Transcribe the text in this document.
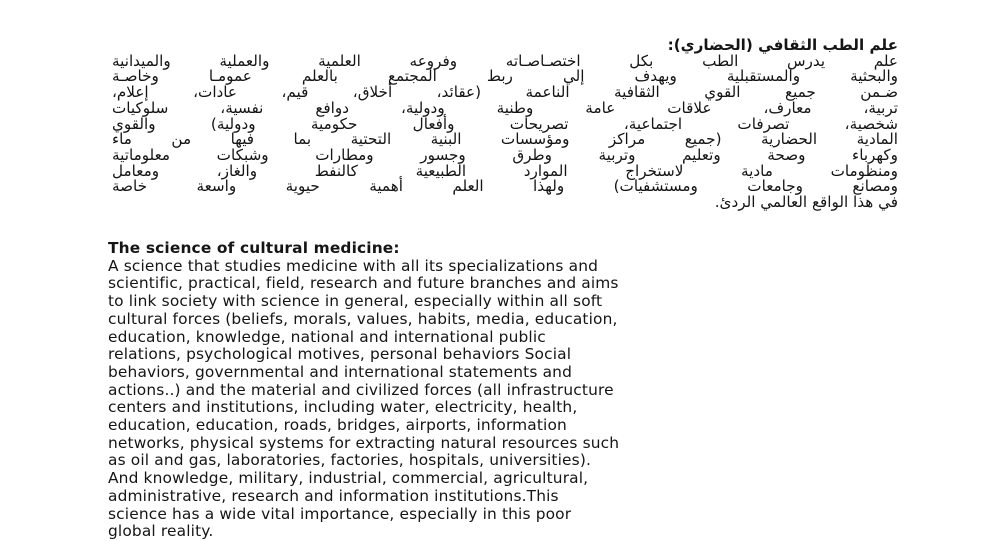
علم الطب الثقافي (الحضاري):
علم يدرس الطب بكل اختصـاصـاته وفروعه العلمية والعملية والميدانية
والبحثية والمستقبلية ويهدف إلي ربط المجتمع بالعلم عمومـا وخاصـة
ضـمن جميع القوي الثقافية الناعمة (عقائد، أخلاق، قيم، عادات، إعلام،
تربية، معارف، علاقات عامة وطنية ودولية، دوافع نفسية، سلوكيات
شخصية، تصرفات اجتماعية، تصريحات وأفعال حكومية ودولية) والقوي
المادية الحضارية (جميع مراكز ومؤسسات البنية التحتية بما فيها من ماء
وكهرباء وصحة وتعليم وتربية وطرق وجسور ومطارات وشبكات معلوماتية
ومنظومات مادية لاستخراج الموارد الطبيعية كالنفط والغاز، ومعامل
ومصانع وجامعات ومستشفيات) ولهذا العلم أهمية حيوية واسعة خاصة
في هذا الواقع العالمي الردئ.
The science of cultural medicine:
A science that studies medicine with all its specializations and
scientific, practical, field, research and future branches and aims
to link society with science in general, especially within all soft
cultural forces (beliefs, morals, values, habits, media, education,
education, knowledge, national and international public
relations, psychological motives, personal behaviors Social
behaviors, governmental and international statements and
actions..) and the material and civilized forces (all infrastructure
centers and institutions, including water, electricity, health,
education, education, roads, bridges, airports, information
networks, physical systems for extracting natural resources such
as oil and gas, laboratories, factories, hospitals, universities).
And knowledge, military, industrial, commercial, agricultural,
administrative, research and information institutions.This
science has a wide vital importance, especially in this poor
global reality.
